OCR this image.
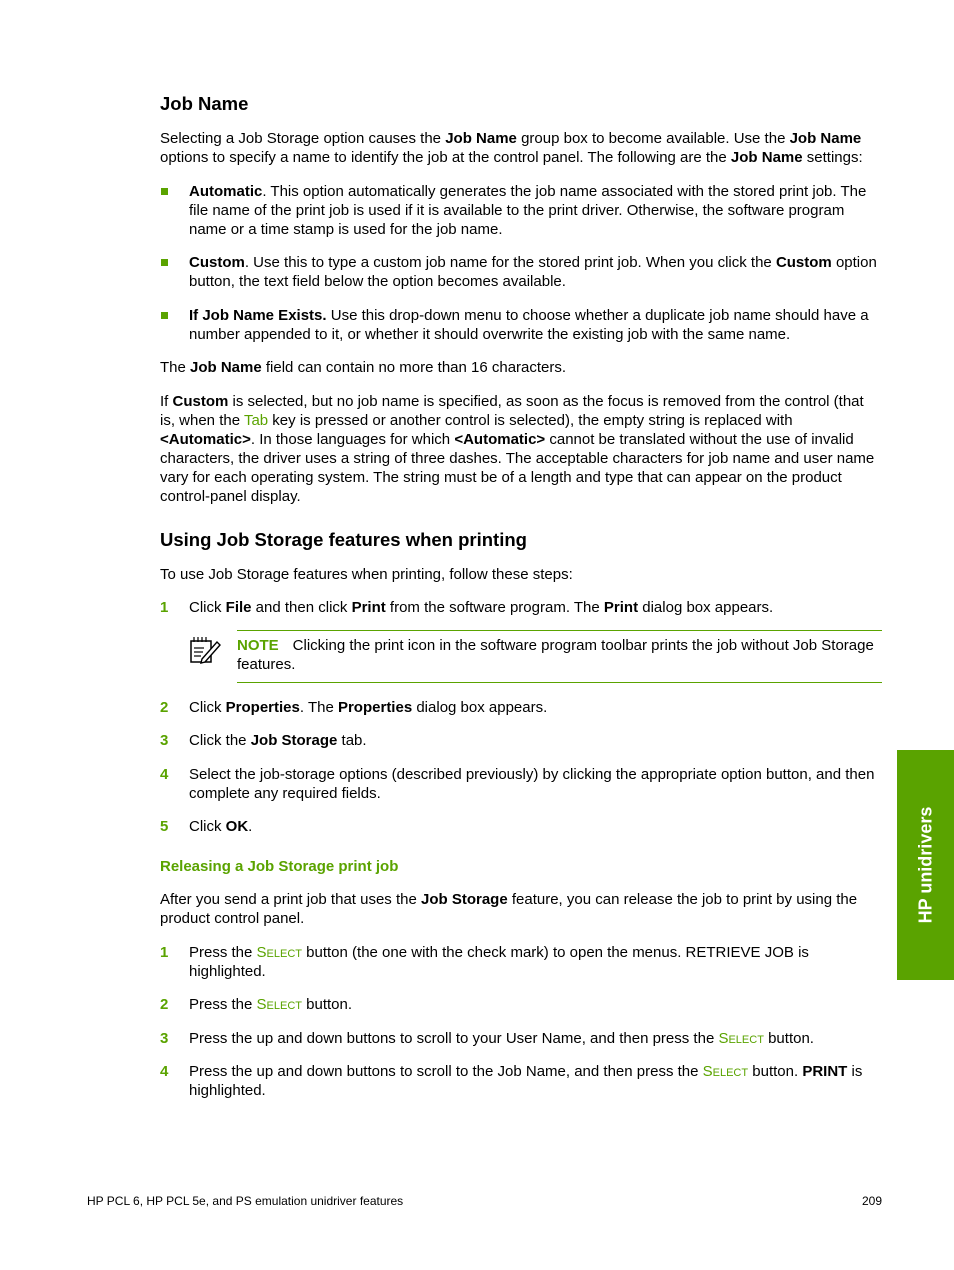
Job Name

Selecting a Job Storage option causes the Job Name group box to become available. Use the Job Name options to specify a name to identify the job at the control panel. The following are the Job Name settings:

Automatic. This option automatically generates the job name associated with the stored print job. The file name of the print job is used if it is available to the print driver. Otherwise, the software program name or a time stamp is used for the job name.
Custom. Use this to type a custom job name for the stored print job. When you click the Custom option button, the text field below the option becomes available.
If Job Name Exists. Use this drop-down menu to choose whether a duplicate job name should have a number appended to it, or whether it should overwrite the existing job with the same name.

The Job Name field can contain no more than 16 characters.

If Custom is selected, but no job name is specified, as soon as the focus is removed from the control (that is, when the Tab key is pressed or another control is selected), the empty string is replaced with <Automatic>. In those languages for which <Automatic> cannot be translated without the use of invalid characters, the driver uses a string of three dashes. The acceptable characters for job name and user name vary for each operating system. The string must be of a length and type that can appear on the product control-panel display.

Using Job Storage features when printing

To use Job Storage features when printing, follow these steps:

1 Click File and then click Print from the software program. The Print dialog box appears.
NOTE Clicking the print icon in the software program toolbar prints the job without Job Storage features.
2 Click Properties. The Properties dialog box appears.
3 Click the Job Storage tab.
4 Select the job-storage options (described previously) by clicking the appropriate option button, and then complete any required fields.
5 Click OK.
Releasing a Job Storage print job

After you send a print job that uses the Job Storage feature, you can release the job to print by using the product control panel.

1 Press the Select button (the one with the check mark) to open the menus. RETRIEVE JOB is highlighted.
2 Press the Select button.
3 Press the up and down buttons to scroll to your User Name, and then press the Select button.
4 Press the up and down buttons to scroll to the Job Name, and then press the Select button. PRINT is highlighted.
HP unidrivers
HP PCL 6, HP PCL 5e, and PS emulation unidriver features	209
